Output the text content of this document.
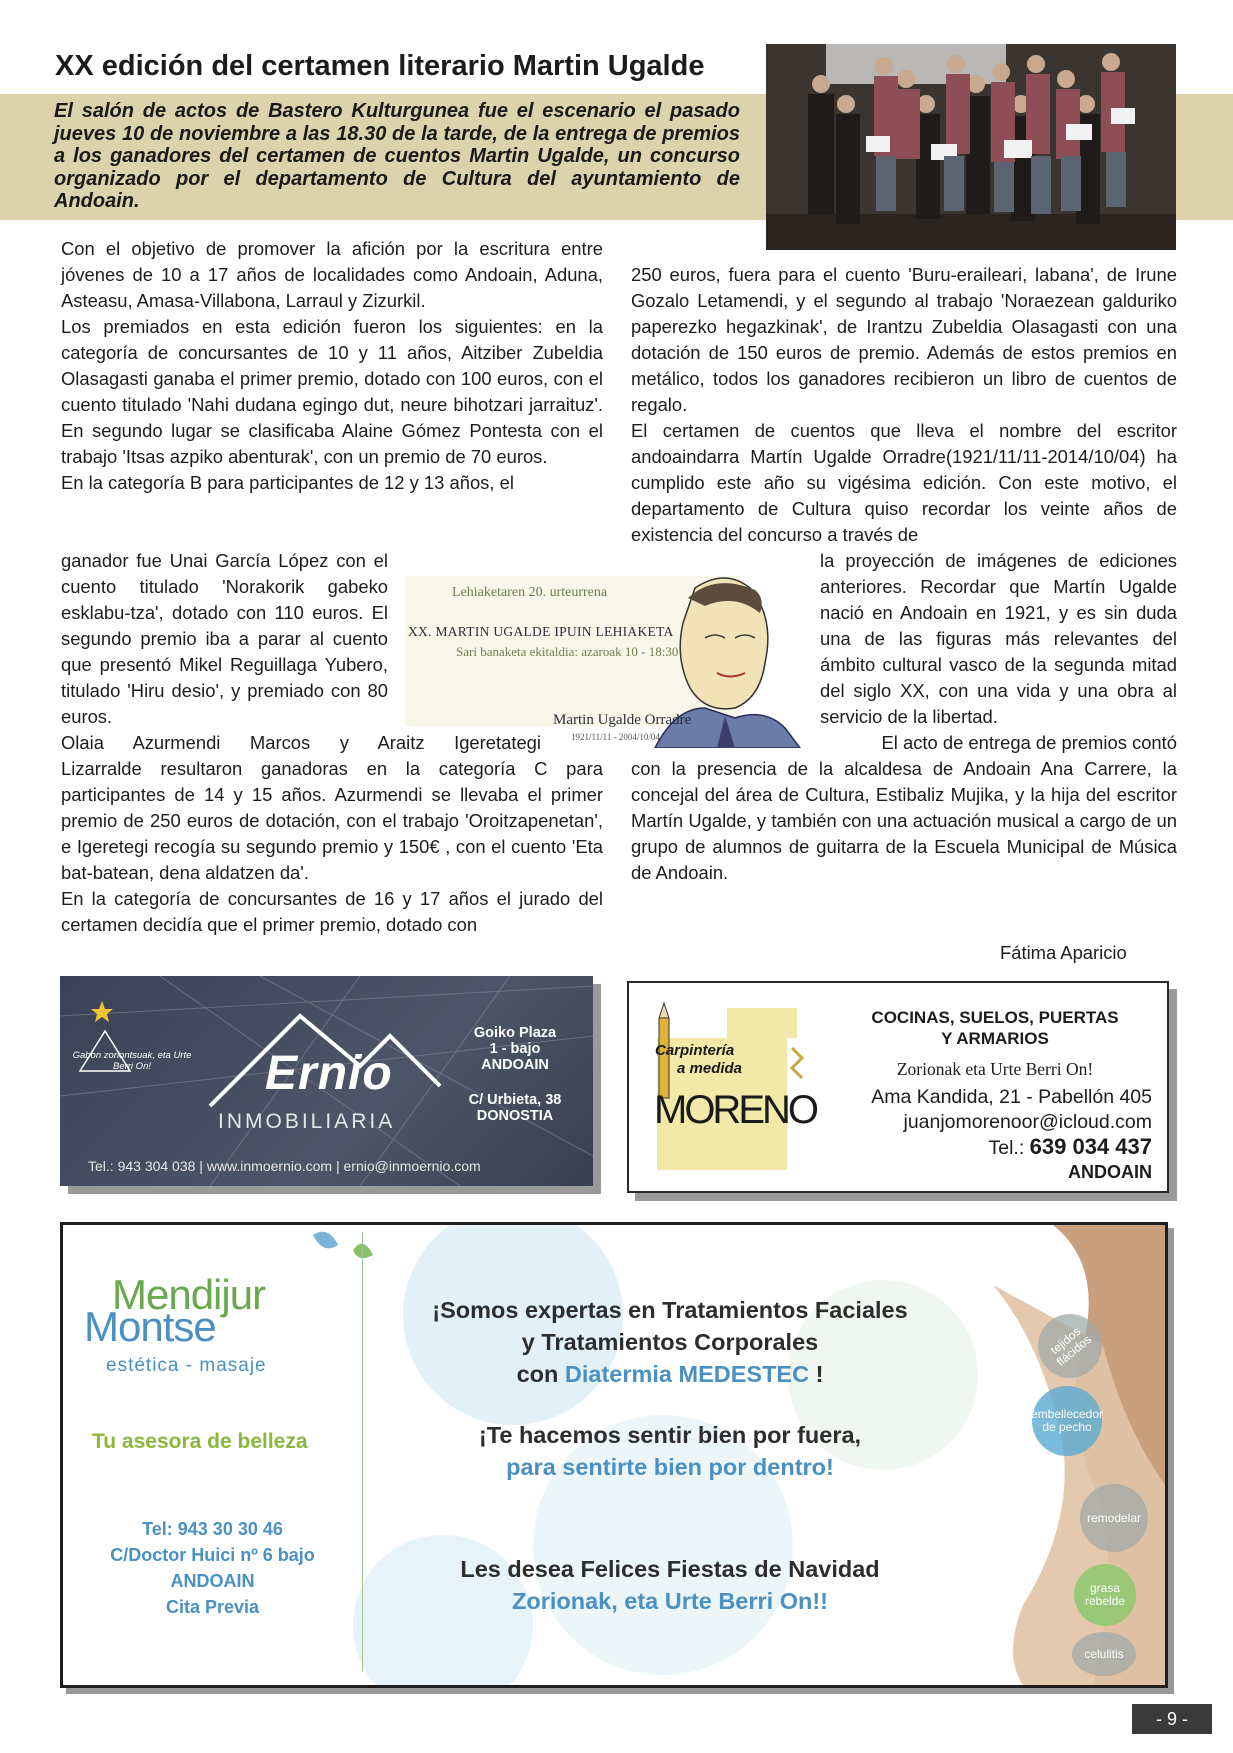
XX edición del certamen literario Martin Ugalde
El salón de actos de Bastero Kulturgunea fue el escenario el pasado jueves 10 de noviembre a las 18.30 de la tarde, de la entrega de premios a los ganadores del certamen de cuentos Martin Ugalde, un concurso organizado por el departamento de Cultura del ayuntamiento de Andoain.

Con el objetivo de promover la afición por la escritura entre jóvenes de 10 a 17 años de localidades como Andoain, Aduna, Asteasu, Amasa-Villabona, Larraul y Zizurkil.

Los premiados en esta edición fueron los siguientes: en la categoría de concursantes de 10 y 11 años, Aitziber Zubeldia Olasagasti ganaba el primer premio, dotado con 100 euros, con el cuento titulado 'Nahi dudana egingo dut, neure bihotzari jarraituz'. En segundo lugar se clasificaba Alaine Gómez Pontesta con el trabajo 'Itsas azpiko abenturak', con un premio de 70 euros.

En la categoría B para participantes de 12 y 13 años, el

ganador fue Unai García López con el cuento titulado 'Norakorik gabeko esklabu-tza', dotado con 110 euros. El segundo premio iba a parar al cuento que presentó Mikel Reguillaga Yubero, titulado 'Hiru desio', y premiado con 80 euros.
Olaia Azurmendi Marcos y Araitz Igeretategi

Lizarralde resultaron ganadoras en la categoría C para participantes de 14 y 15 años. Azurmendi se llevaba el primer premio de 250 euros de dotación, con el trabajo 'Oroitzapenetan', e Igeretegi recogía su segundo premio y 150€ , con el cuento 'Eta bat-batean, dena aldatzen da'.

En la categoría de concursantes de 16 y 17 años el jurado del certamen decidía que el primer premio, dotado con

250 euros, fuera para el cuento 'Buru-eraileari, labana', de Irune Gozalo Letamendi, y el segundo al trabajo 'Noraezean galduriko paperezko hegazkinak', de Irantzu Zubeldia Olasagasti con una dotación de 150 euros de premio. Además de estos premios en metálico, todos los ganadores recibieron un libro de cuentos de regalo.

El certamen de cuentos que lleva el nombre del escritor andoaindarra Martín Ugalde Orradre(1921/11/11-2014/10/04) ha cumplido este año su vigésima edición. Con este motivo, el departamento de Cultura quiso recordar los veinte años de existencia del concurso a través de

la proyección de imágenes de ediciones anteriores. Recordar que Martín Ugalde nació en Andoain en 1921, y es sin duda una de las figuras más relevantes del ámbito cultural vasco de la segunda mitad del siglo XX, con una vida y una obra al servicio de la libertad.
El acto de entrega de premios contó
con la presencia de la alcaldesa de Andoain Ana Carrere, la concejal del área de Cultura, Estibaliz Mujika, y la hija del escritor Martín Ugalde, y también con una actuación musical a cargo de un grupo de alumnos de guitarra de la Escuela Municipal de Música de Andoain.
Fátima Aparicio
Lehiaketaren 20. urteurrena
XX. MARTIN UGALDE IPUIN LEHIAKETA
Sari banaketa ekitaldia: azaroak 10 - 18:30
Martin Ugalde Orradre
1921/11/11 - 2004/10/04
Gabon zoriontsuak, eta Urte Berri On!	Ernio
INMOBILIARIA
Goiko Plaza
1 - bajo
ANDOAIN
C/ Urbieta, 38
DONOSTIA
Tel.: 943 304 038 | www.inmoernio.com | ernio@inmoernio.com
Carpintería
a medida
MORENO
COCINAS, SUELOS, PUERTAS
Y ARMARIOS
Zorionak eta Urte Berri On!
Ama Kandida, 21 - Pabellón 405
juanjomorenoor@icloud.com
Tel.: 639 034 437
ANDOAIN
Mendijur
Montse
estética - masaje
Tu asesora de belleza
Tel: 943 30 30 46
C/Doctor Huici nº 6 bajo
ANDOAIN
Cita Previa
¡Somos expertas en Tratamientos Faciales
y Tratamientos Corporales
con Diatermia MEDESTEC !
¡Te hacemos sentir bien por fuera,
para sentirte bien por dentro!
Les desea Felices Fiestas de Navidad
Zorionak, eta Urte Berri On!!
tejidos flácidos
embellecedor de pecho
remodelar
grasa rebelde
celulitis
- 9 -
